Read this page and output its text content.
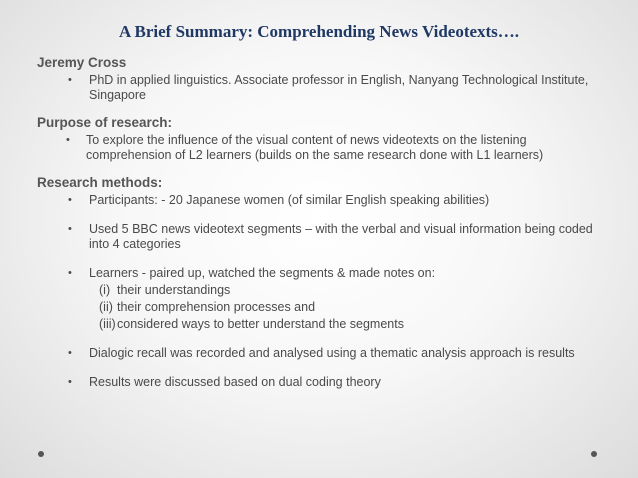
A Brief Summary: Comprehending News Videotexts….
Jeremy Cross
• PhD in applied linguistics. Associate professor in English, Nanyang Technological Institute, Singapore
Purpose of research:
• To explore the influence of the visual content of news videotexts on the listening comprehension of L2 learners (builds on the same research done with L1 learners)
Research methods:
• Participants: - 20 Japanese women (of similar English speaking abilities)
• Used 5 BBC news videotext segments – with the verbal and visual information being coded into 4 categories
• Learners - paired up, watched the segments & made notes on:
(i) their understandings
(ii) their comprehension processes and
(iii) considered ways to better understand the segments
• Dialogic recall was recorded and analysed using a thematic analysis approach is results
• Results were discussed based on dual coding theory
